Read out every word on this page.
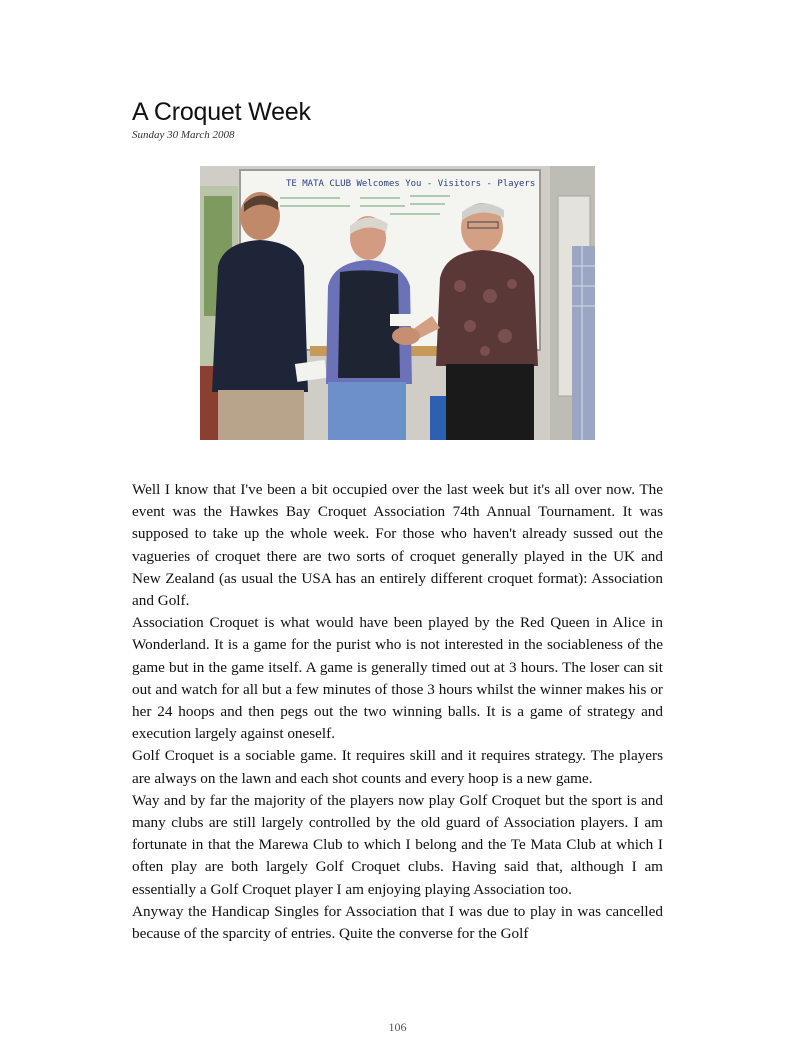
A Croquet Week
Sunday 30 March 2008
TE MATA CLUB Welcomes You - Visitors - Players

Well I know that I've been a bit occupied over the last week but it's all over now. The event was the Hawkes Bay Croquet Association 74th Annual Tournament. It was supposed to take up the whole week. For those who haven't already sussed out the vagueries of croquet there are two sorts of croquet generally played in the UK and New Zealand (as usual the USA has an entirely different croquet format): Association and Golf.

Association Croquet is what would have been played by the Red Queen in Alice in Wonderland. It is a game for the purist who is not interested in the sociableness of the game but in the game itself. A game is generally timed out at 3 hours. The loser can sit out and watch for all but a few minutes of those 3 hours whilst the winner makes his or her 24 hoops and then pegs out the two winning balls. It is a game of strategy and execution largely against oneself.

Golf Croquet is a sociable game. It requires skill and it requires strategy. The players are always on the lawn and each shot counts and every hoop is a new game.

Way and by far the majority of the players now play Golf Croquet but the sport is and many clubs are still largely controlled by the old guard of Association players. I am fortunate in that the Marewa Club to which I belong and the Te Mata Club at which I often play are both largely Golf Croquet clubs. Having said that, although I am essentially a Golf Croquet player I am enjoying playing Association too.

Anyway the Handicap Singles for Association that I was due to play in was cancelled because of the sparcity of entries. Quite the converse for the Golf

106
